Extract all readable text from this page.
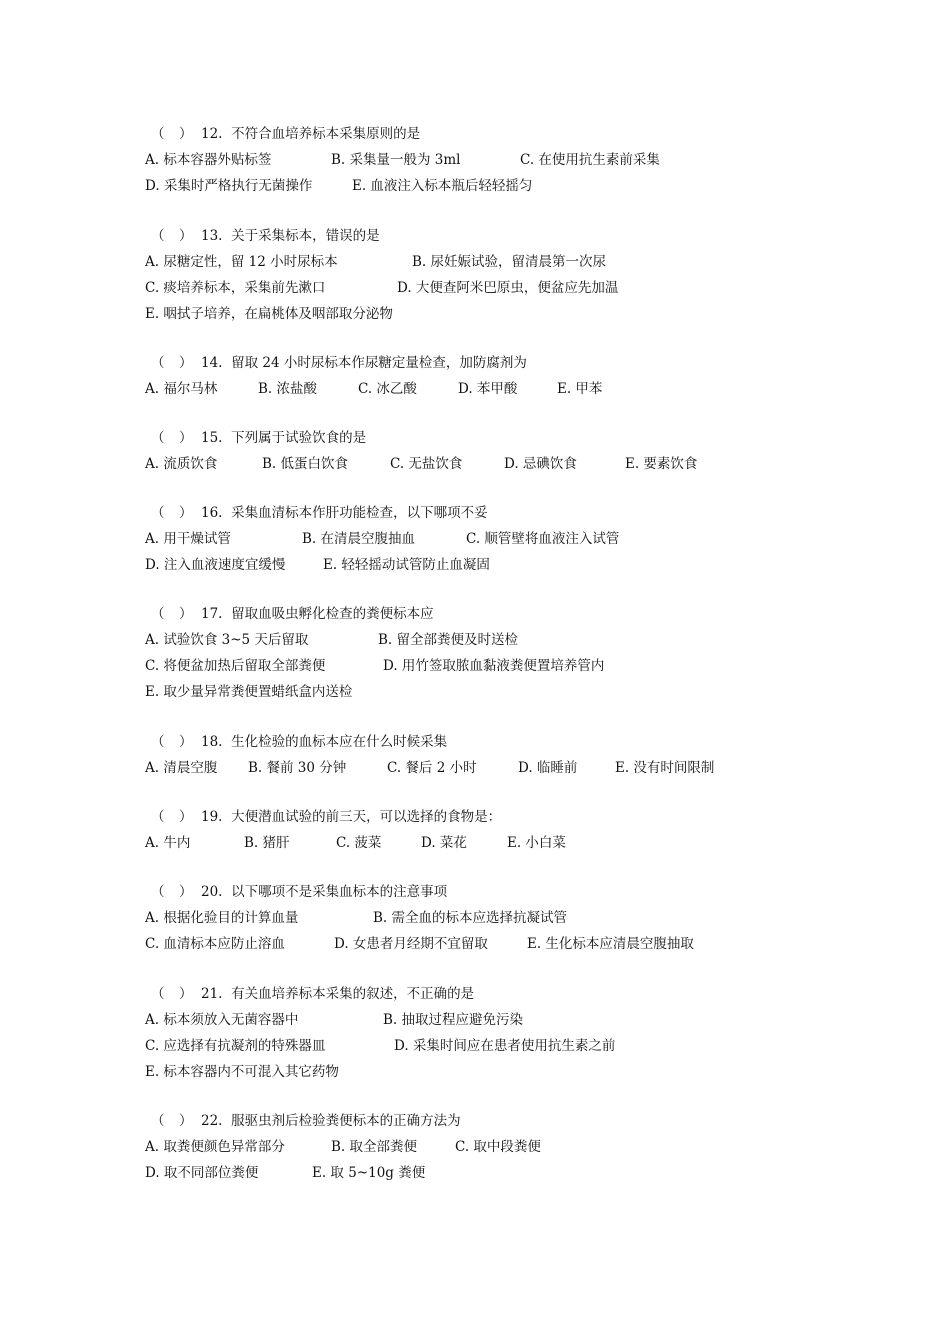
（ ） 12. 不符合血培养标本采集原则的是
A. 标本容器外贴标签	B. 采集量一般为 3ml	C. 在使用抗生素前采集
D. 采集时严格执行无菌操作	E. 血液注入标本瓶后轻轻摇匀
（ ） 13. 关于采集标本，错误的是
A. 尿糖定性，留 12 小时尿标本	B. 尿妊娠试验，留清晨第一次尿
C. 痰培养标本，采集前先漱口	D. 大便查阿米巴原虫，便盆应先加温
E. 咽拭子培养，在扁桃体及咽部取分泌物
（ ） 14. 留取 24 小时尿标本作尿糖定量检查，加防腐剂为
A. 福尔马林	B. 浓盐酸	C. 冰乙酸	D. 苯甲酸	E. 甲苯
（ ） 15. 下列属于试验饮食的是
A. 流质饮食	B. 低蛋白饮食	C. 无盐饮食	D. 忌碘饮食	E. 要素饮食
（ ） 16. 采集血清标本作肝功能检查，以下哪项不妥
A. 用干燥试管	B. 在清晨空腹抽血	C. 顺管壁将血液注入试管
D. 注入血液速度宜缓慢	E. 轻轻摇动试管防止血凝固
（ ） 17. 留取血吸虫孵化检查的粪便标本应
A. 试验饮食 3~5 天后留取	B. 留全部粪便及时送检
C. 将便盆加热后留取全部粪便	D. 用竹签取脓血黏液粪便置培养管内
E. 取少量异常粪便置蜡纸盒内送检
（ ） 18. 生化检验的血标本应在什么时候采集
A. 清晨空腹 B. 餐前 30 分钟	C. 餐后 2 小时	D. 临睡前	E. 没有时间限制
（ ） 19. 大便潜血试验的前三天，可以选择的食物是：
A. 牛内	B. 猪肝	C. 菠菜	D. 菜花	E. 小白菜
（ ） 20. 以下哪项不是采集血标本的注意事项
A. 根据化验目的计算血量	B. 需全血的标本应选择抗凝试管
C. 血清标本应防止溶血	D. 女患者月经期不宜留取	E. 生化标本应清晨空腹抽取
（ ） 21. 有关血培养标本采集的叙述，不正确的是
A. 标本须放入无菌容器中	B. 抽取过程应避免污染
C. 应选择有抗凝剂的特殊器皿	D. 采集时间应在患者使用抗生素之前
E. 标本容器内不可混入其它药物
（ ） 22. 服驱虫剂后检验粪便标本的正确方法为
A. 取粪便颜色异常部分	B. 取全部粪便	C. 取中段粪便
D. 取不同部位粪便	E. 取 5~10g 粪便
